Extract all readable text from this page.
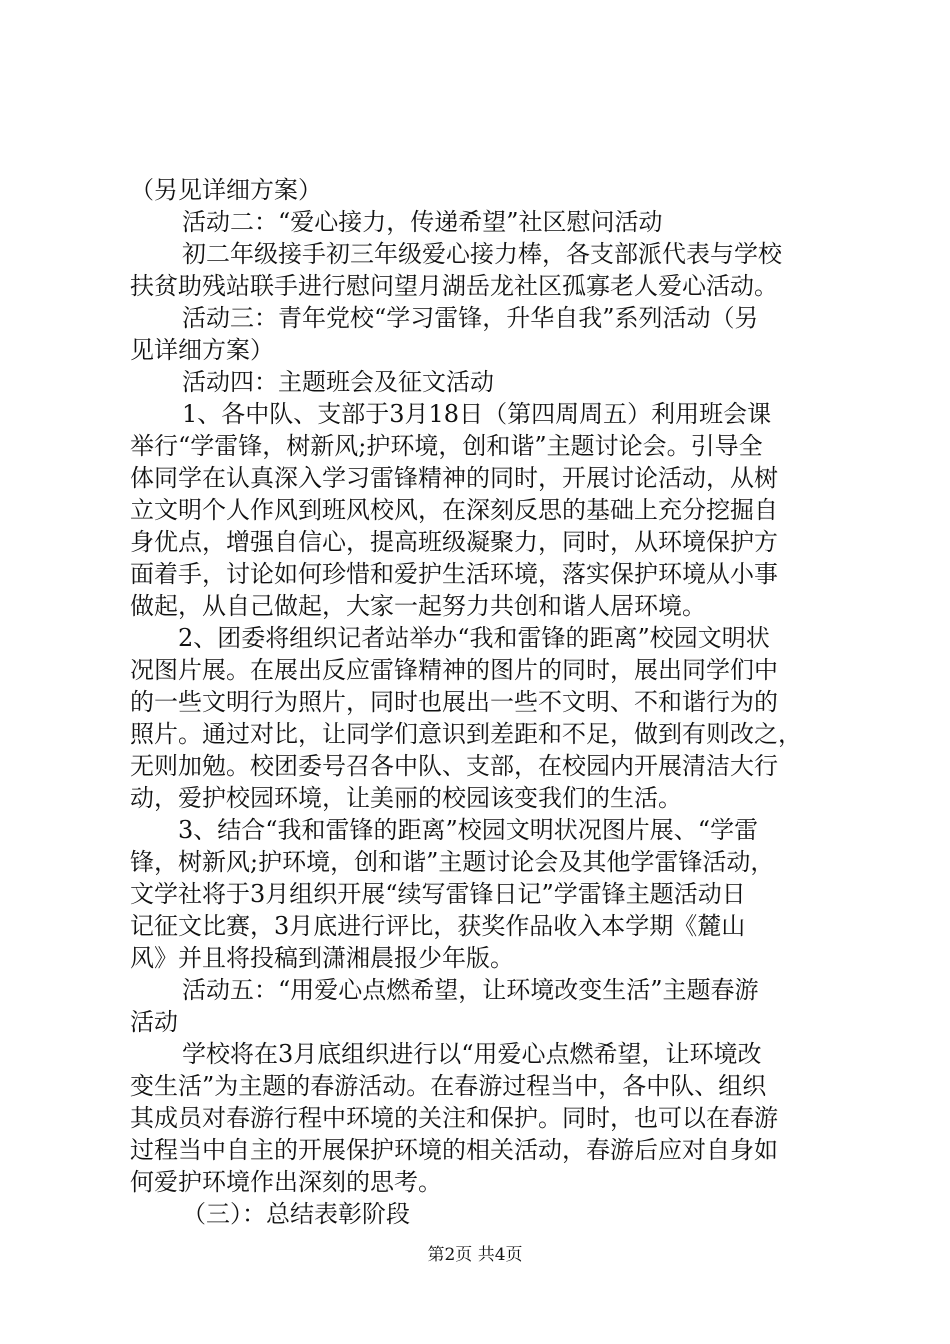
（另见详细方案）
活动二：“爱心接力，传递希望”社区慰问活动
初二年级接手初三年级爱心接力棒，各支部派代表与学校
扶贫助残站联手进行慰问望月湖岳龙社区孤寡老人爱心活动。
活动三：青年党校“学习雷锋，升华自我”系列活动（另
见详细方案）
活动四：主题班会及征文活动
1、各中队、支部于3月18日（第四周周五）利用班会课
举行“学雷锋，树新风;护环境，创和谐”主题讨论会。引导全
体同学在认真深入学习雷锋精神的同时，开展讨论活动，从树
立文明个人作风到班风校风，在深刻反思的基础上充分挖掘自
身优点，增强自信心，提高班级凝聚力，同时，从环境保护方
面着手，讨论如何珍惜和爱护生活环境，落实保护环境从小事
做起，从自己做起，大家一起努力共创和谐人居环境。
2、团委将组织记者站举办“我和雷锋的距离”校园文明状
况图片展。在展出反应雷锋精神的图片的同时，展出同学们中
的一些文明行为照片，同时也展出一些不文明、不和谐行为的
照片。通过对比，让同学们意识到差距和不足，做到有则改之，
无则加勉。校团委号召各中队、支部，在校园内开展清洁大行
动，爱护校园环境，让美丽的校园该变我们的生活。
3、结合“我和雷锋的距离”校园文明状况图片展、“学雷
锋，树新风;护环境，创和谐”主题讨论会及其他学雷锋活动，
文学社将于3月组织开展“续写雷锋日记”学雷锋主题活动日
记征文比赛，3月底进行评比，获奖作品收入本学期《麓山
风》并且将投稿到潇湘晨报少年版。
活动五：“用爱心点燃希望，让环境改变生活”主题春游
活动
学校将在3月底组织进行以“用爱心点燃希望，让环境改
变生活”为主题的春游活动。在春游过程当中，各中队、组织
其成员对春游行程中环境的关注和保护。同时，也可以在春游
过程当中自主的开展保护环境的相关活动，春游后应对自身如
何爱护环境作出深刻的思考。
（三）：总结表彰阶段
第2页 共4页
